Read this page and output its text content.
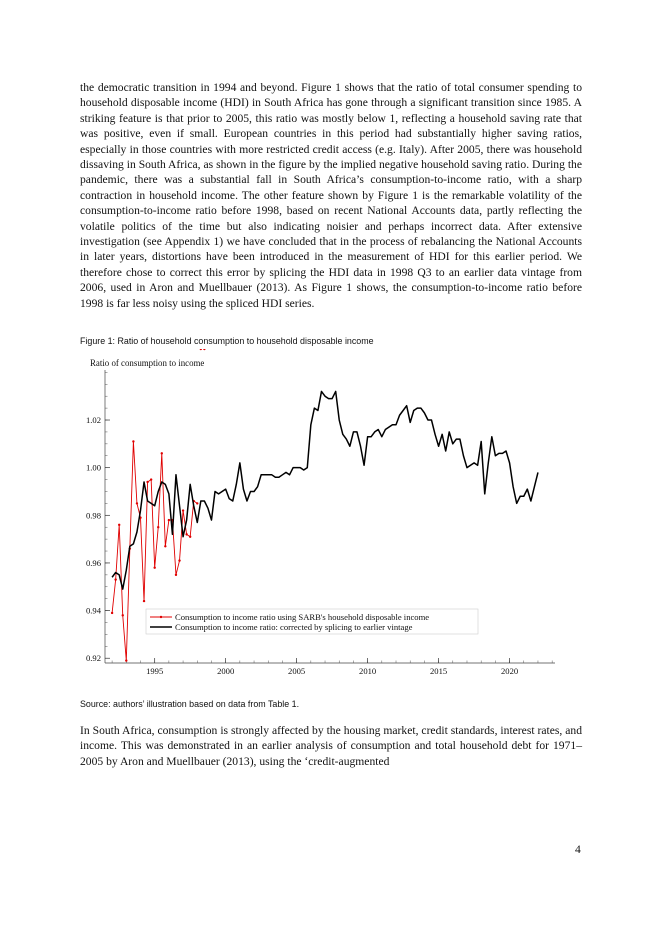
the democratic transition in 1994 and beyond. Figure 1 shows that the ratio of total consumer spending to household disposable income (HDI) in South Africa has gone through a significant transition since 1985. A striking feature is that prior to 2005, this ratio was mostly below 1, reflecting a household saving rate that was positive, even if small. European countries in this period had substantially higher saving ratios, especially in those countries with more restricted credit access (e.g. Italy). After 2005, there was household dissaving in South Africa, as shown in the figure by the implied negative household saving ratio. During the pandemic, there was a substantial fall in South Africa’s consumption-to-income ratio, with a sharp contraction in household income. The other feature shown by Figure 1 is the remarkable volatility of the consumption-to-income ratio before 1998, based on recent National Accounts data, partly reflecting the volatile politics of the time but also indicating noisier and perhaps incorrect data. After extensive investigation (see Appendix 1) we have concluded that in the process of rebalancing the National Accounts in later years, distortions have been introduced in the measurement of HDI for this earlier period. We therefore chose to correct this error by splicing the HDI data in 1998 Q3 to an earlier data vintage from 2006, used in Aron and Muellbauer (2013). As Figure 1 shows, the consumption-to-income ratio before 1998 is far less noisy using the spliced HDI series.

Figure 1: Ratio of household consumption to household disposable income

Ratio of consumption to income
0.92
0.94
0.96
0.98
1.00
1.02
1995	2000	2005	2010	2015	2020
Consumption to income ratio using SARB's household disposable income
Consumption to income ratio: corrected by splicing to earlier vintage

Source: authors’ illustration based on data from Table 1.

In South Africa, consumption is strongly affected by the housing market, credit standards, interest rates, and income. This was demonstrated in an earlier analysis of consumption and total household debt for 1971–2005 by Aron and Muellbauer (2013), using the ‘credit-augmented

4
